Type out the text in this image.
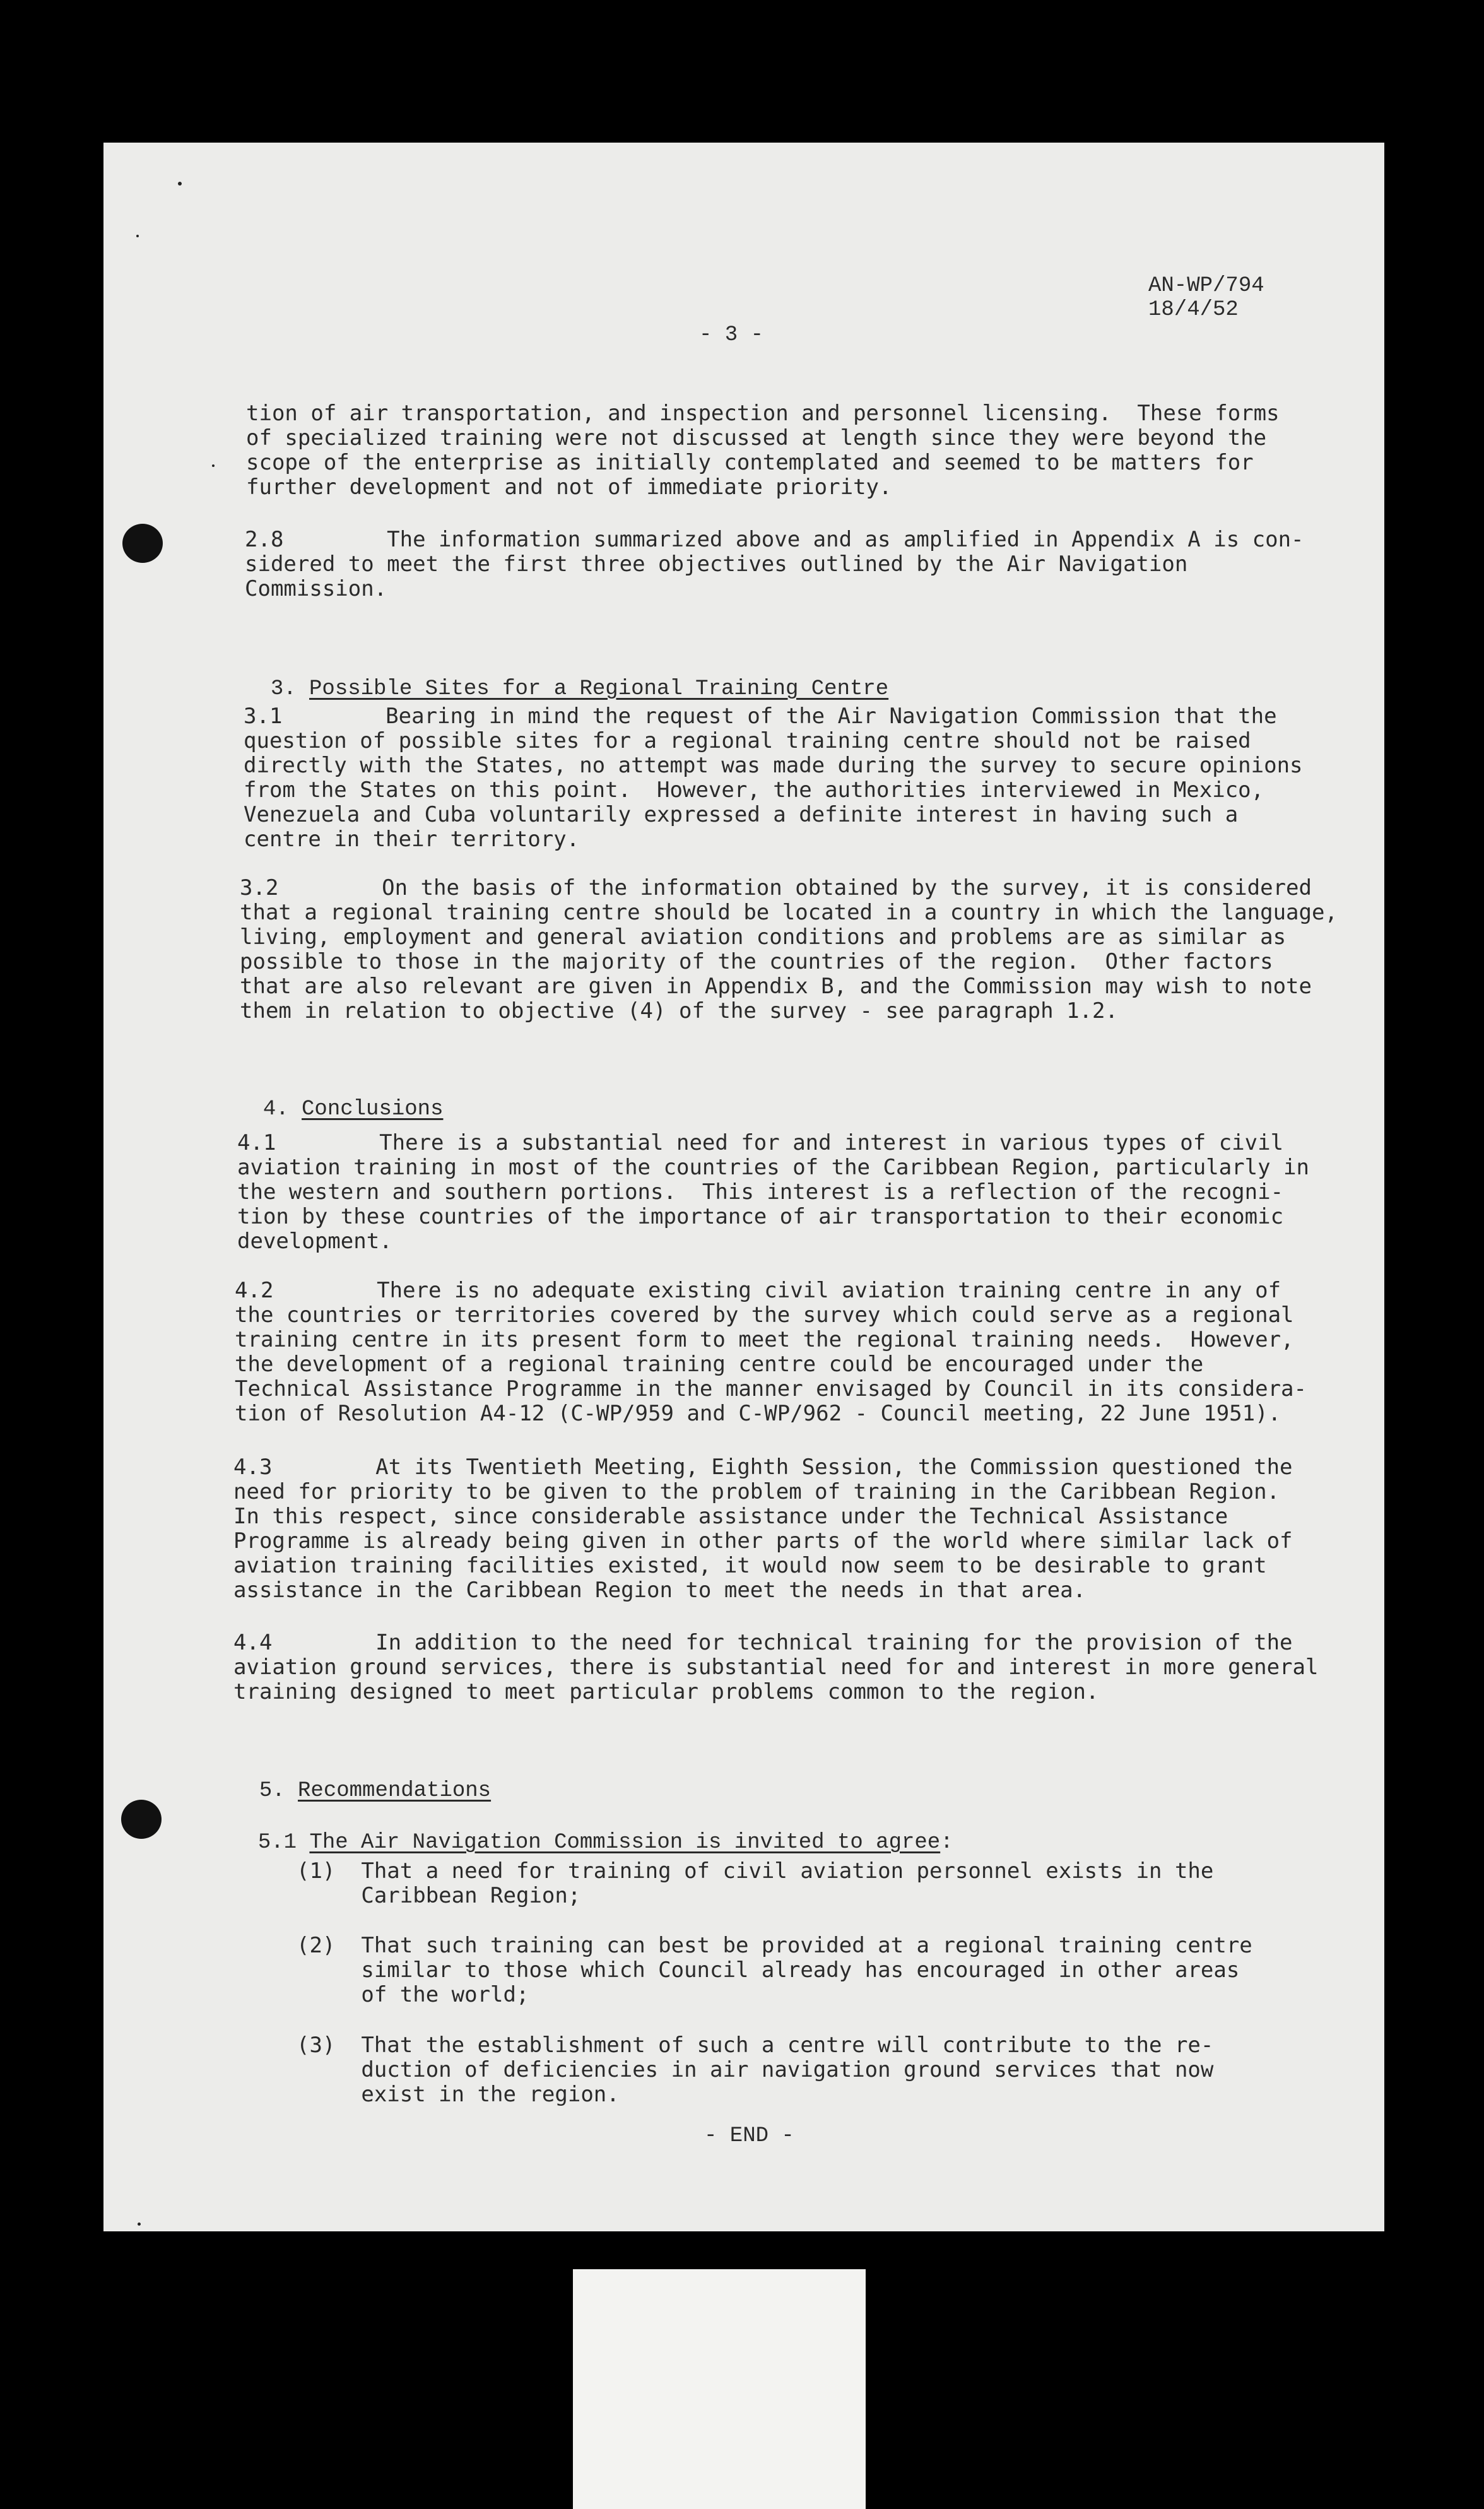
AN-WP/794
18/4/52
- 3 -
tion of air transportation, and inspection and personnel licensing.  These forms
of specialized training were not discussed at length since they were beyond the
scope of the enterprise as initially contemplated and seemed to be matters for
further development and not of immediate priority.
2.8        The information summarized above and as amplified in Appendix A is con-
sidered to meet the first three objectives outlined by the Air Navigation
Commission.

3. Possible Sites for a Regional Training Centre

3.1        Bearing in mind the request of the Air Navigation Commission that the
question of possible sites for a regional training centre should not be raised
directly with the States, no attempt was made during the survey to secure opinions
from the States on this point.  However, the authorities interviewed in Mexico,
Venezuela and Cuba voluntarily expressed a definite interest in having such a
centre in their territory.
3.2        On the basis of the information obtained by the survey, it is considered
that a regional training centre should be located in a country in which the language,
living, employment and general aviation conditions and problems are as similar as
possible to those in the majority of the countries of the region.  Other factors
that are also relevant are given in Appendix B, and the Commission may wish to note
them in relation to objective (4) of the survey - see paragraph 1.2.

4. Conclusions

4.1        There is a substantial need for and interest in various types of civil
aviation training in most of the countries of the Caribbean Region, particularly in
the western and southern portions.  This interest is a reflection of the recogni-
tion by these countries of the importance of air transportation to their economic
development.
4.2        There is no adequate existing civil aviation training centre in any of
the countries or territories covered by the survey which could serve as a regional
training centre in its present form to meet the regional training needs.  However,
the development of a regional training centre could be encouraged under the
Technical Assistance Programme in the manner envisaged by Council in its considera-
tion of Resolution A4-12 (C-WP/959 and C-WP/962 - Council meeting, 22 June 1951).
4.3        At its Twentieth Meeting, Eighth Session, the Commission questioned the
need for priority to be given to the problem of training in the Caribbean Region.
In this respect, since considerable assistance under the Technical Assistance
Programme is already being given in other parts of the world where similar lack of
aviation training facilities existed, it would now seem to be desirable to grant
assistance in the Caribbean Region to meet the needs in that area.
4.4        In addition to the need for technical training for the provision of the
aviation ground services, there is substantial need for and interest in more general
training designed to meet particular problems common to the region.

5. Recommendations

5.1 The Air Navigation Commission is invited to agree:

(1)  That a need for training of civil aviation personnel exists in the
Caribbean Region;
(2)  That such training can best be provided at a regional training centre
similar to those which Council already has encouraged in other areas
of the world;
(3)  That the establishment of such a centre will contribute to the re-
duction of deficiencies in air navigation ground services that now
exist in the region.
- END -
